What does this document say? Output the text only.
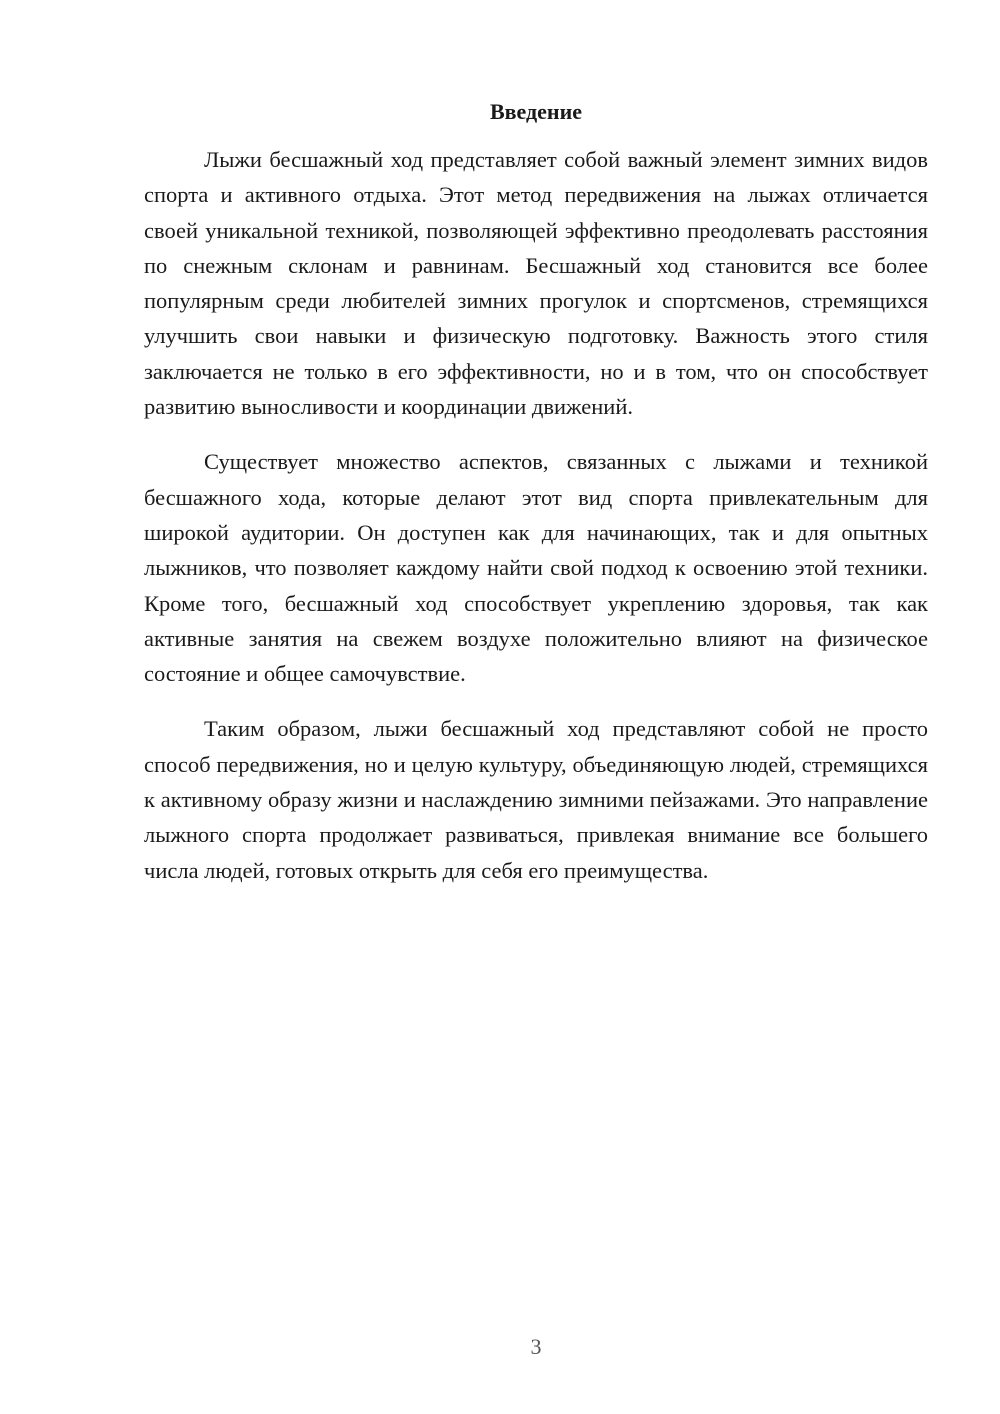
Введение

Лыжи бесшажный ход представляет собой важный элемент зимних видов спорта и активного отдыха. Этот метод передвижения на лыжах отличается своей уникальной техникой, позволяющей эффективно преодолевать расстояния по снежным склонам и равнинам. Бесшажный ход становится все более популярным среди любителей зимних прогулок и спортсменов, стремящихся улучшить свои навыки и физическую подготовку. Важность этого стиля заключается не только в его эффективности, но и в том, что он способствует развитию выносливости и координации движений.

Существует множество аспектов, связанных с лыжами и техникой бесшажного хода, которые делают этот вид спорта привлекательным для широкой аудитории. Он доступен как для начинающих, так и для опытных лыжников, что позволяет каждому найти свой подход к освоению этой техники. Кроме того, бесшажный ход способствует укреплению здоровья, так как активные занятия на свежем воздухе положительно влияют на физическое состояние и общее самочувствие.

Таким образом, лыжи бесшажный ход представляют собой не просто способ передвижения, но и целую культуру, объединяющую людей, стремящихся к активному образу жизни и наслаждению зимними пейзажами. Это направление лыжного спорта продолжает развиваться, привлекая внимание все большего числа людей, готовых открыть для себя его преимущества.

3
